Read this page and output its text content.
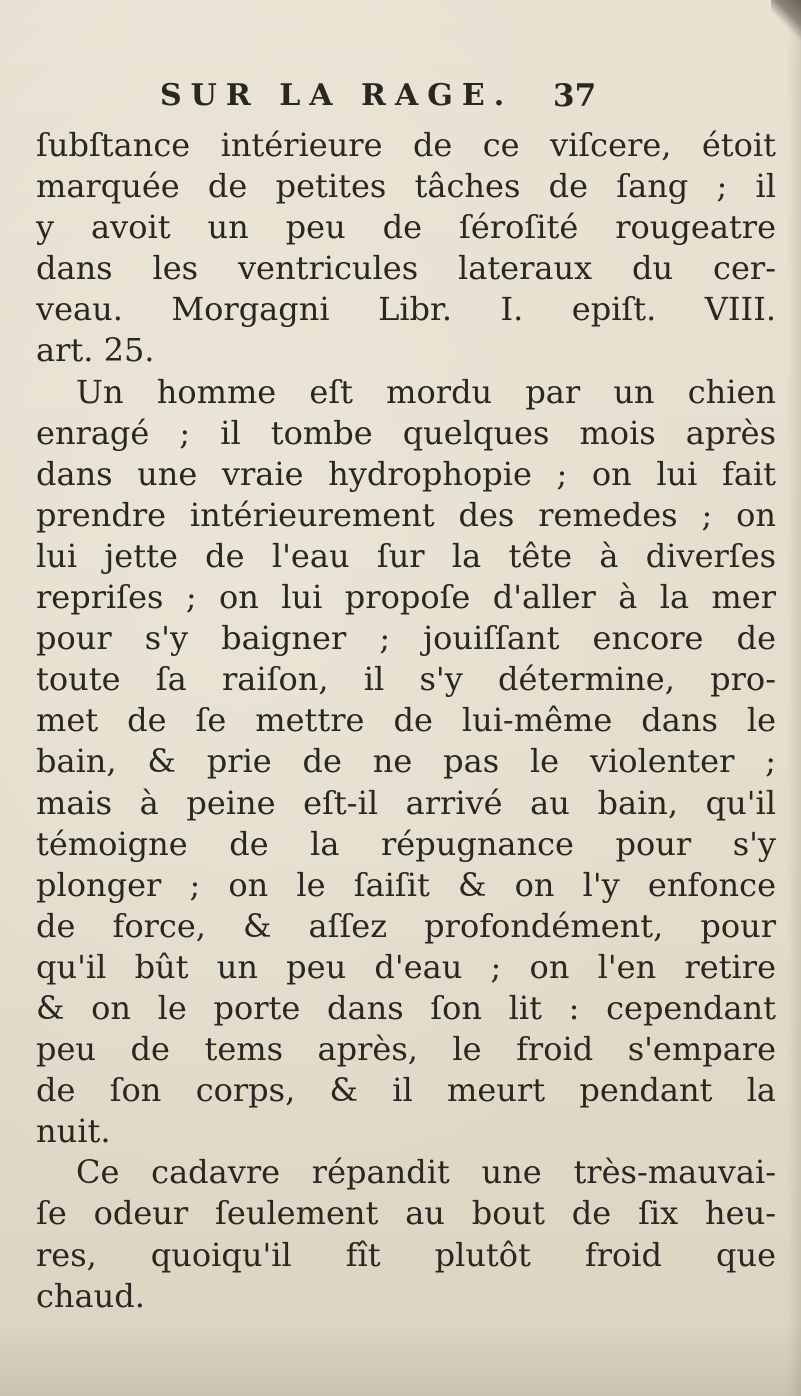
SUR LA RAGE.	37
ſubſtance intérieure de ce viſcere, étoit
marquée de petites tâches de ſang ; il
y avoit un peu de ſéroſité rougeatre
dans les ventricules lateraux du cer-
veau. Morgagni Libr. I. epiſt. VIII.
art. 25.
Un homme eſt mordu par un chien
enragé ; il tombe quelques mois après
dans une vraie hydrophopie ; on lui fait
prendre intérieurement des remedes ; on
lui jette de l'eau ſur la tête à diverſes
repriſes ; on lui propoſe d'aller à la mer
pour s'y baigner ; jouiſſant encore de
toute ſa raiſon, il s'y détermine, pro-
met de ſe mettre de lui-même dans le
bain, & prie de ne pas le violenter ;
mais à peine eſt-il arrivé au bain, qu'il
témoigne de la répugnance pour s'y
plonger ; on le ſaiſit & on l'y enfonce
de force, & aſſez profondément, pour
qu'il bût un peu d'eau ; on l'en retire
& on le porte dans ſon lit : cependant
peu de tems après, le froid s'empare
de ſon corps, & il meurt pendant la
nuit.
Ce cadavre répandit une très-mauvai-
ſe odeur ſeulement au bout de ſix heu-
res, quoiqu'il fît plutôt froid que
chaud.
